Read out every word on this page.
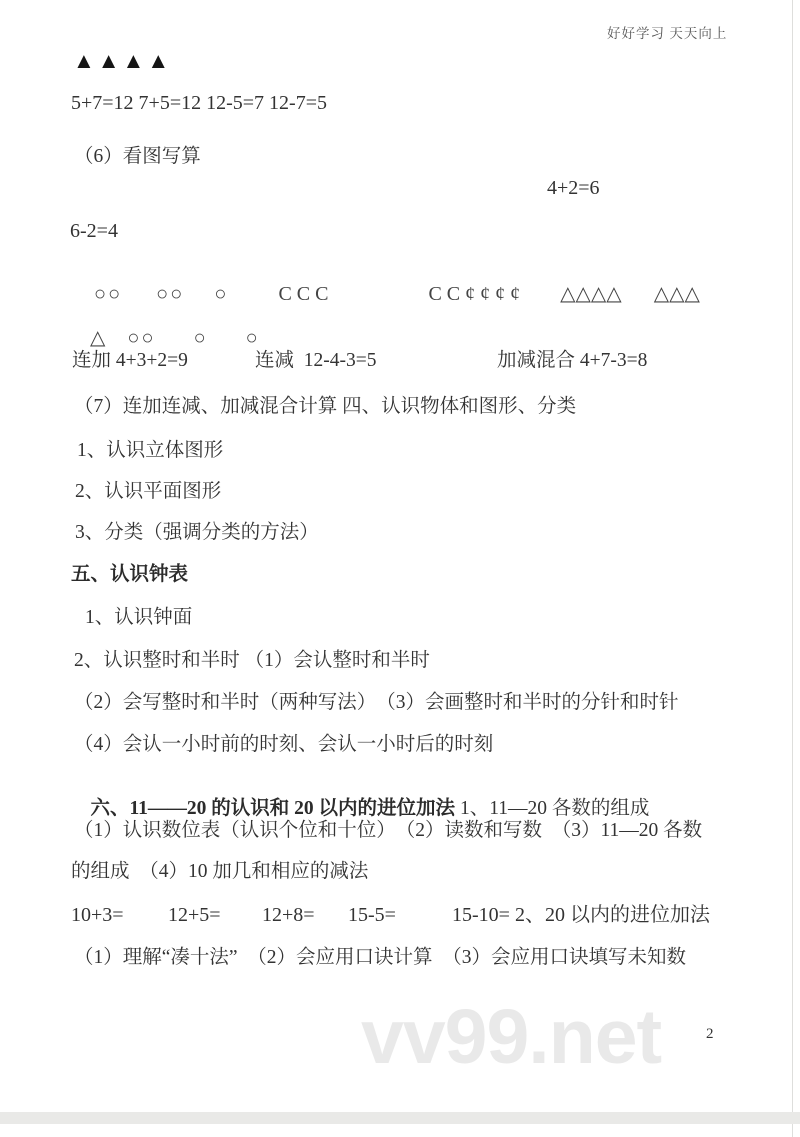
好好学习 天天向上
▲▲▲▲
5+7=12 7+5=12 12-5=7 12-7=5
（6）看图写算
4+2=6
6-2=4

○○ ○○ ○	C C C	C C ¢ ¢ ¢ ¢ △△△△ △△△

△ ○○ ○ ○

连加 4+3+2=9

	连减  12-4-3=5

	加减混合 4+7-3=8

（7）连加连减、加减混合计算 四、认识物体和图形、分类
1、认识立体图形
2、认识平面图形
3、分类（强调分类的方法）
五、认识钟表
1、认识钟面
2、认识整时和半时 （1）会认整时和半时
（2）会写整时和半时（两种写法）　（3）会画整时和半时的分针和时针
（4）会认一小时前的时刻、会认一小时后的时刻

六、11——20 的认识和 20 以内的进位加法 1、11—20 各数的组成

（1）认识数位表（认识个位和十位）　（2）读数和写数　（3）11—20 各数
的组成　（4）10 加几和相应的减法

10+3=

12+5=

12+8=

15-5=

	15-10= 2、20 以内的进位加法

（1）理解“凑十法”　（2）会应用口诀计算　（3）会应用口诀填写未知数
vv99.net	2
